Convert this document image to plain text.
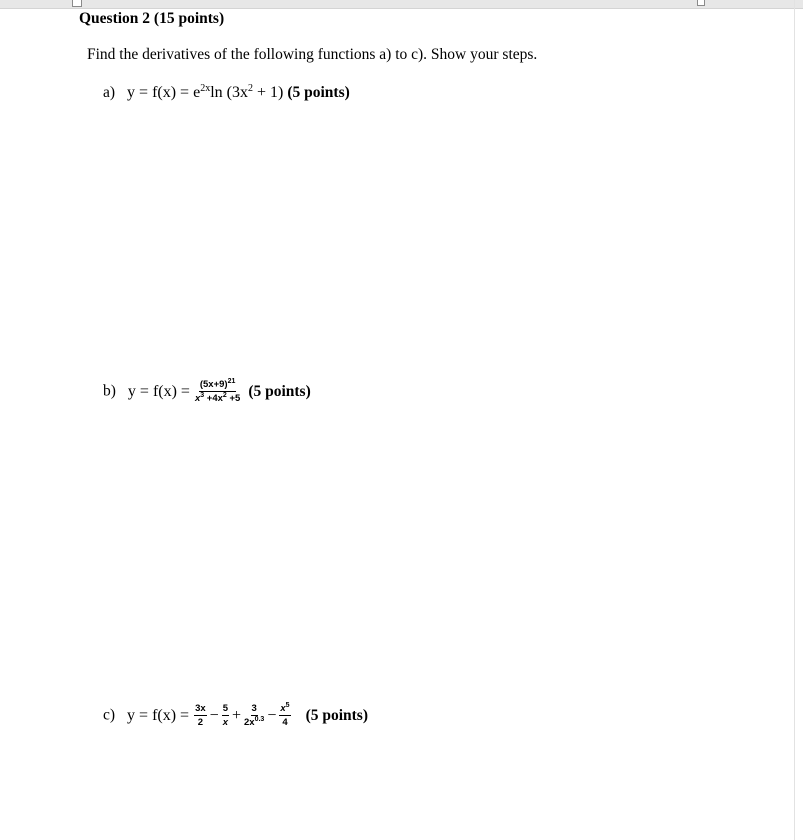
Question 2 (15 points)
Find the derivatives of the following functions a) to c). Show your steps.
a) $y = f(x) = e^{2x}\ln$ $(3x^2 + 1)$ (5 points)
b) $y = f(x) = \frac{(5x+9)^{21}}{x^3 +4x^2 +5} (5$ points)
c) $y = f(x) = \frac{3x}{2} - \frac{5}{x} + \frac{3}{2x^{0.3}} - \frac{x^5}{4} (5$ points)
